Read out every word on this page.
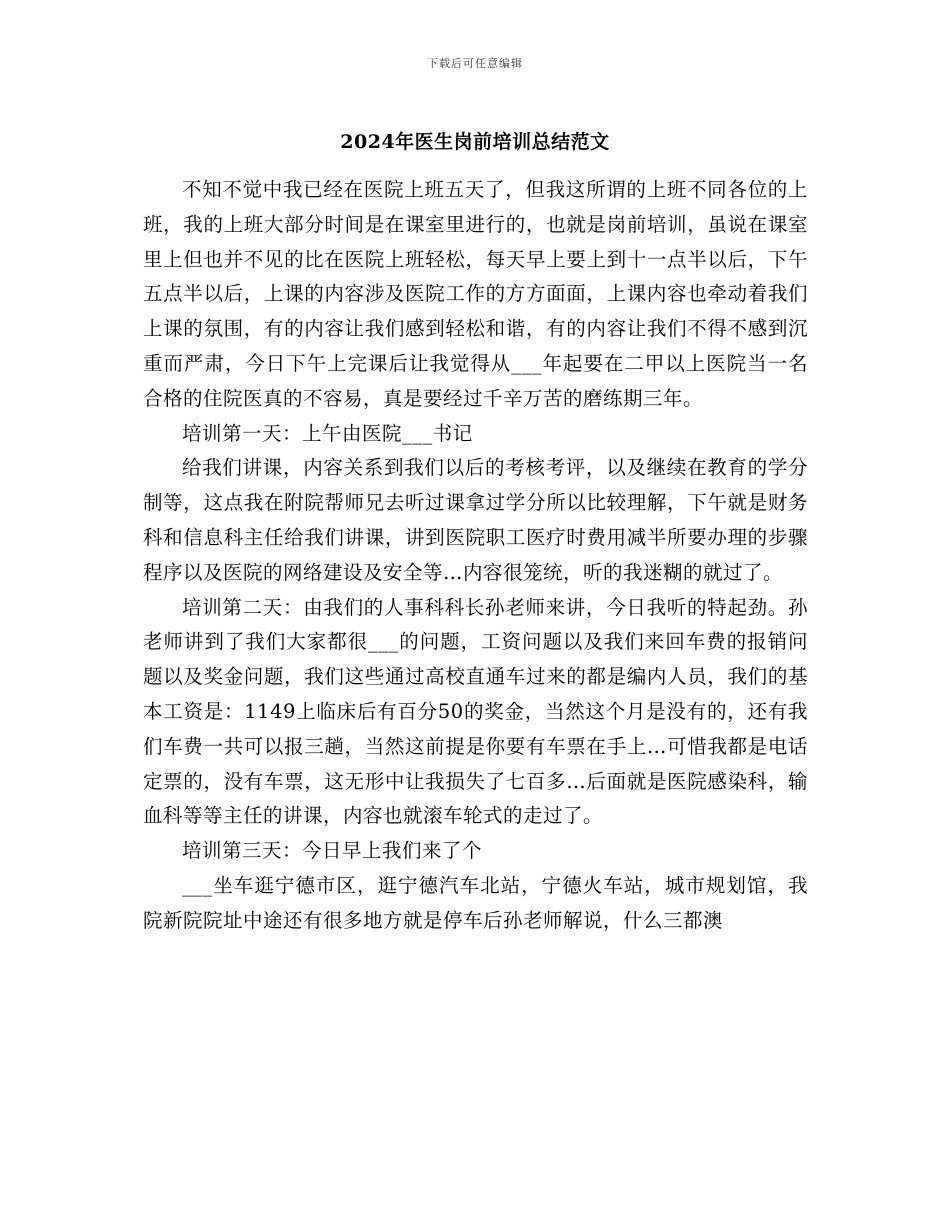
下载后可任意编辑
2024年医生岗前培训总结范文

不知不觉中我已经在医院上班五天了，但我这所谓的上班不同各位的上班，我的上班大部分时间是在课室里进行的，也就是岗前培训，虽说在课室里上但也并不见的比在医院上班轻松，每天早上要上到十一点半以后，下午五点半以后，上课的内容涉及医院工作的方方面面，上课内容也牵动着我们上课的氛围，有的内容让我们感到轻松和谐，有的内容让我们不得不感到沉重而严肃，今日下午上完课后让我觉得从___年起要在二甲以上医院当一名合格的住院医真的不容易，真是要经过千辛万苦的磨练期三年。

培训第一天：上午由医院___书记

给我们讲课，内容关系到我们以后的考核考评，以及继续在教育的学分制等，这点我在附院帮师兄去听过课拿过学分所以比较理解，下午就是财务科和信息科主任给我们讲课，讲到医院职工医疗时费用减半所要办理的步骤程序以及医院的网络建设及安全等…内容很笼统，听的我迷糊的就过了。

培训第二天：由我们的人事科科长孙老师来讲，今日我听的特起劲。孙老师讲到了我们大家都很___的问题，工资问题以及我们来回车费的报销问题以及奖金问题，我们这些通过高校直通车过来的都是编内人员，我们的基本工资是：1149上临床后有百分50的奖金，当然这个月是没有的，还有我们车费一共可以报三趟，当然这前提是你要有车票在手上…可惜我都是电话定票的，没有车票，这无形中让我损失了七百多…后面就是医院感染科，输血科等等主任的讲课，内容也就滚车轮式的走过了。

培训第三天：今日早上我们来了个

___坐车逛宁德市区，逛宁德汽车北站，宁德火车站，城市规划馆，我院新院院址中途还有很多地方就是停车后孙老师解说，什么三都澳
